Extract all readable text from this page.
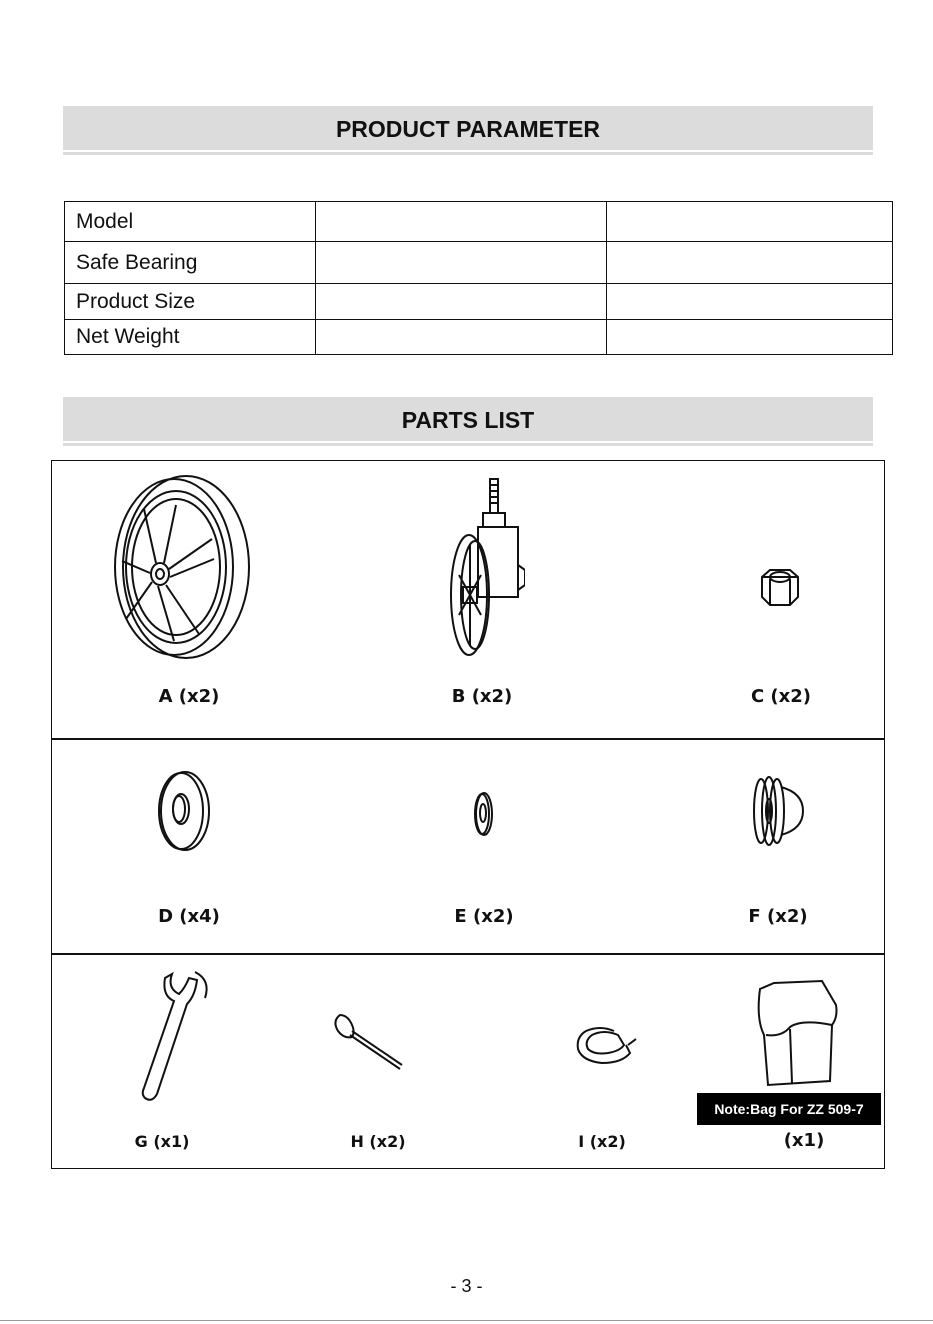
PRODUCT PARAMETER
Model		
Safe Bearing		
Product Size		
Net Weight		
PARTS LIST
A (x2)	B (x2)	C (x2)
D (x4)	E (x2)	F (x2)
G (x1)	H (x2)	I (x2)
Note:Bag For ZZ 509-7
(x1)
- 3 -
